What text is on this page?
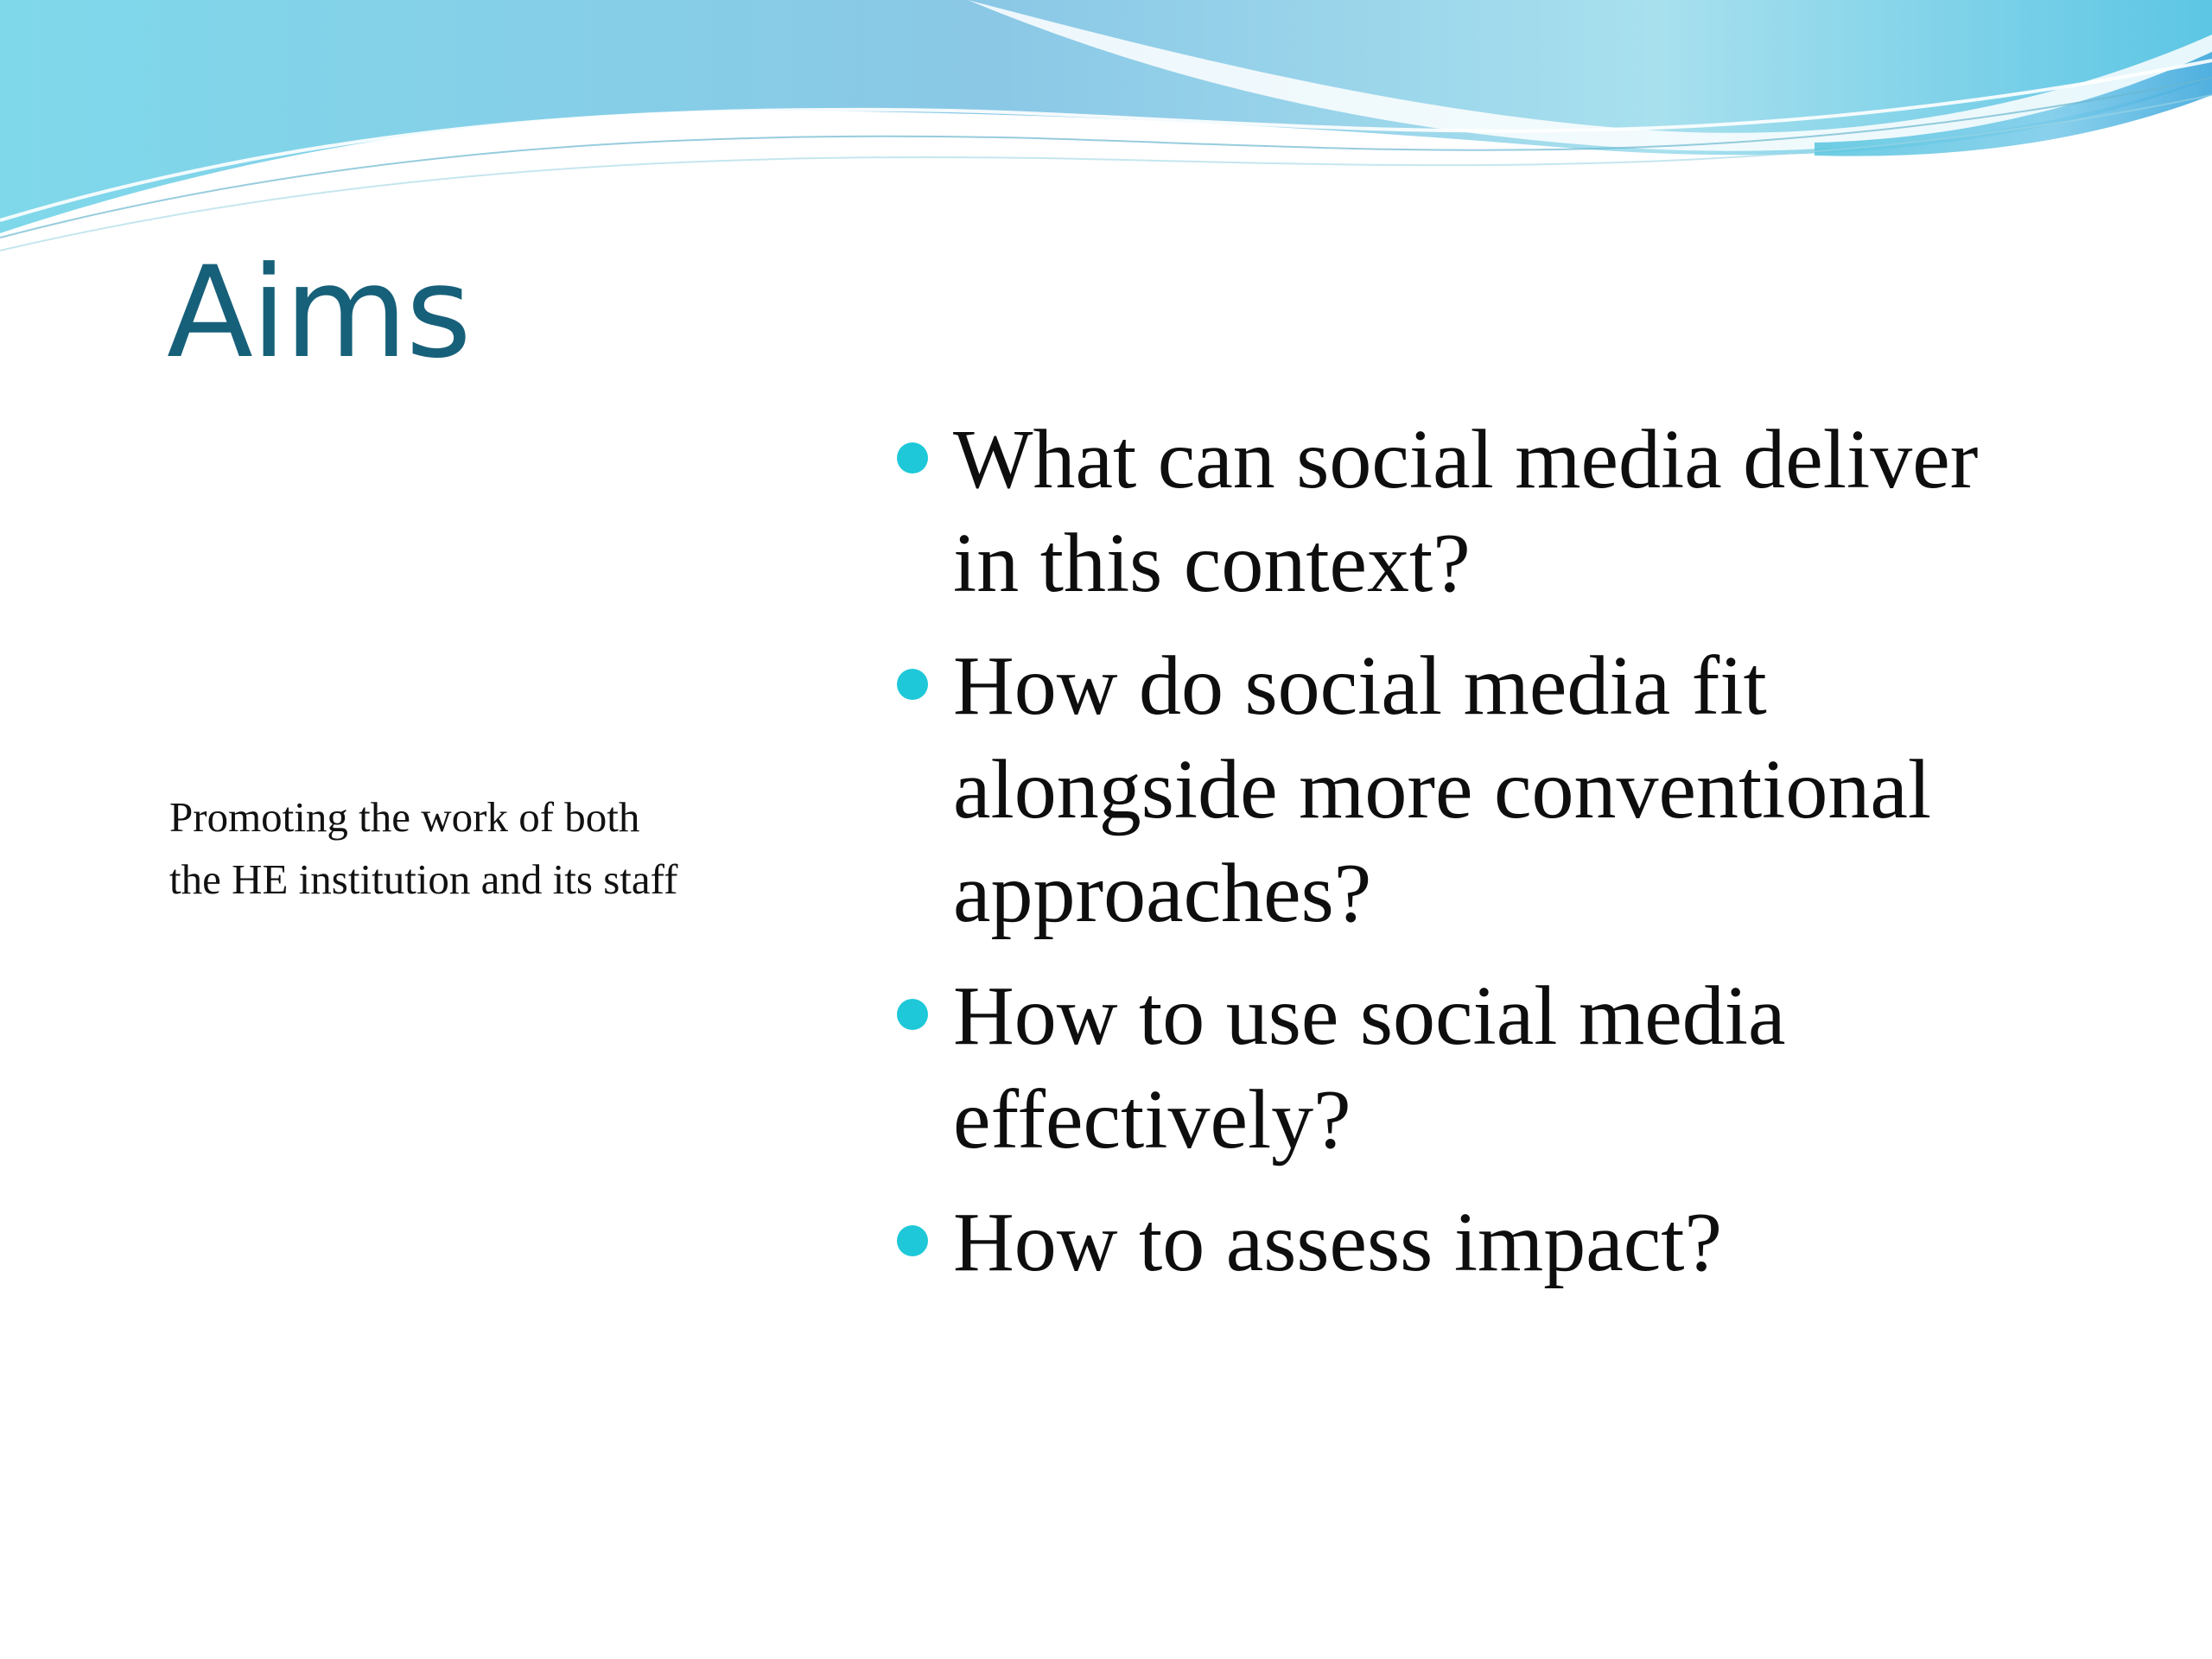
Aims
Promoting the work of both
the HE institution and its staff
What can social media deliver
in this context?
How do social media fit
alongside more conventional
approaches?
How to use social media
effectively?
How to assess impact?
